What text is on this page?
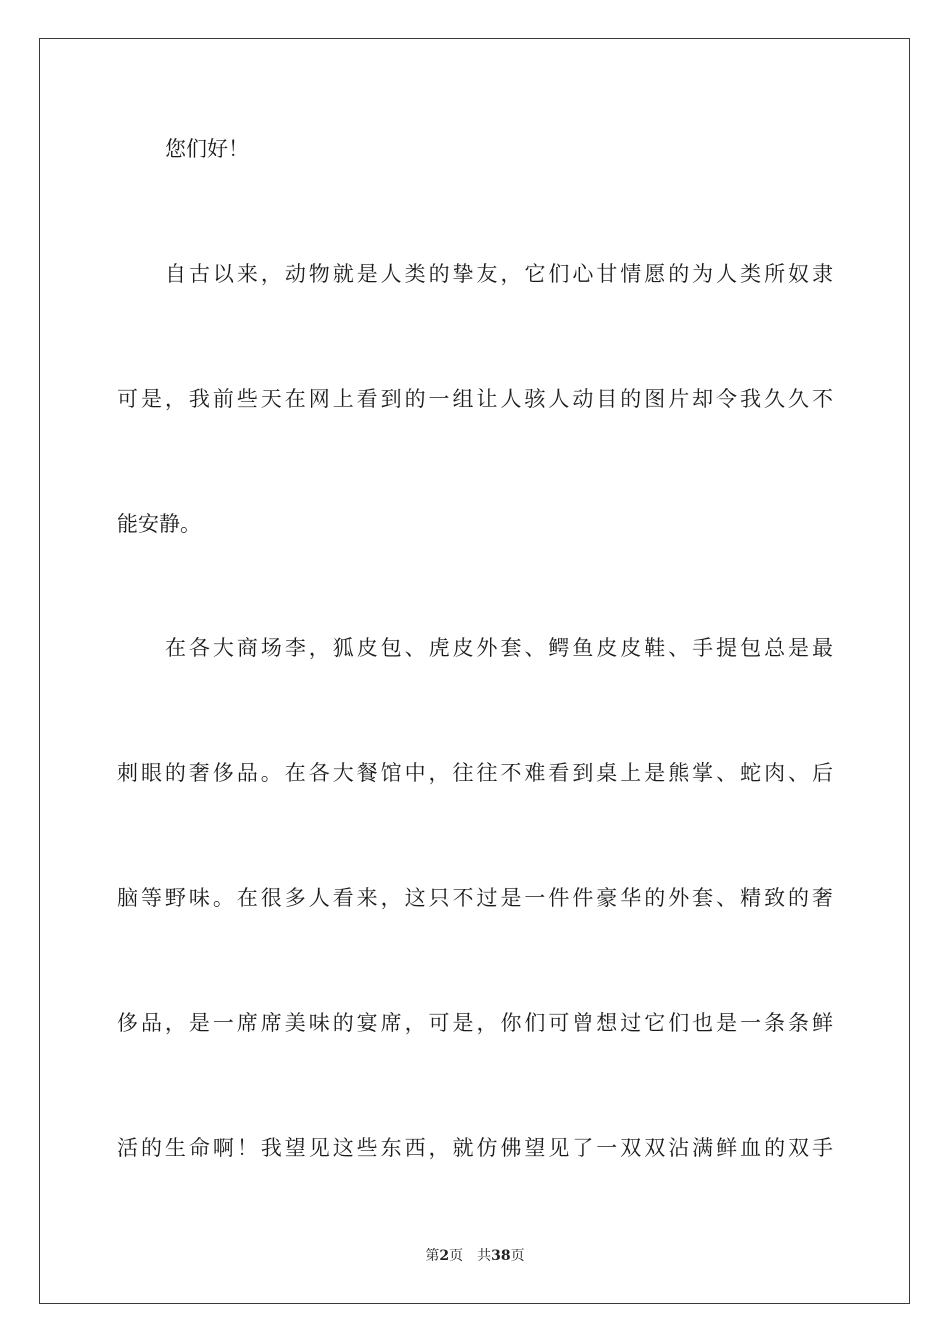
您们好！
自古以来，动物就是人类的挚友，它们心甘情愿的为人类所奴隶
可是，我前些天在网上看到的一组让人骇人动目的图片却令我久久不
能安静。
在各大商场李，狐皮包、虎皮外套、鳄鱼皮皮鞋、手提包总是最
刺眼的奢侈品。在各大餐馆中，往往不难看到桌上是熊掌、蛇肉、后
脑等野味。在很多人看来，这只不过是一件件豪华的外套、精致的奢
侈品，是一席席美味的宴席，可是，你们可曾想过它们也是一条条鲜
活的生命啊！我望见这些东西，就仿佛望见了一双双沾满鲜血的双手
第2页 共38页
